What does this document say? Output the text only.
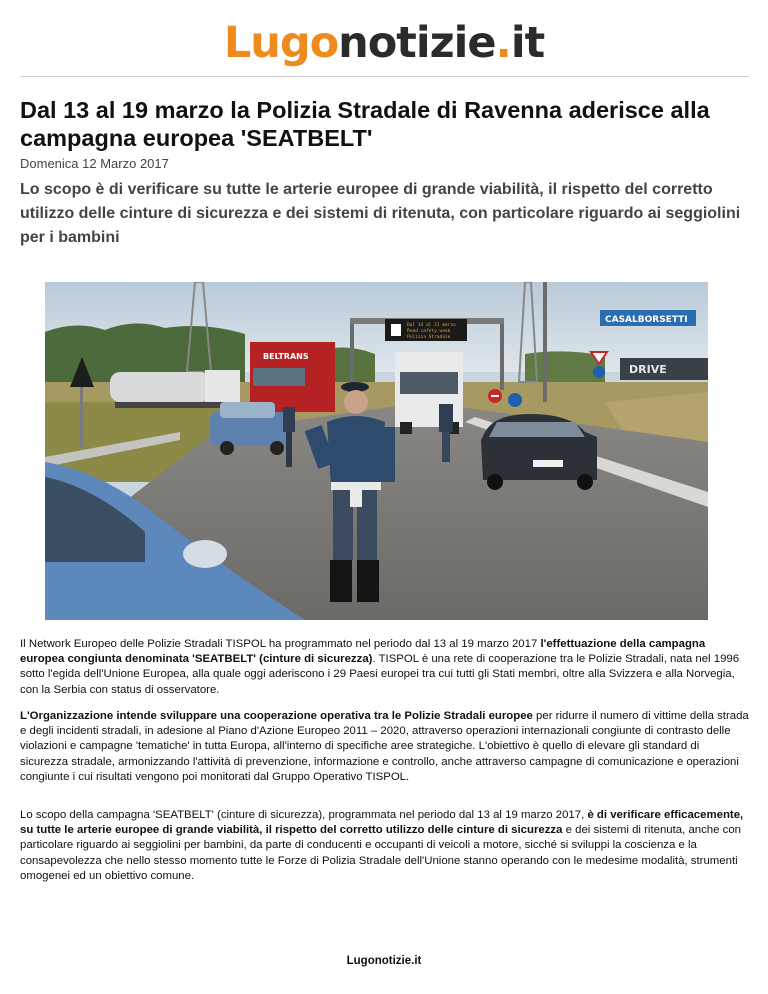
Lugonotizie.it
Dal 13 al 19 marzo la Polizia Stradale di Ravenna aderisce alla campagna europea 'SEATBELT'
Domenica 12 Marzo 2017
Lo scopo è di verificare su tutte le arterie europee di grande viabilità, il rispetto del corretto utilizzo delle cinture di sicurezza e dei sistemi di ritenuta, con particolare riguardo ai seggiolini per i bambini
Dal 14 al 21 marzo
Road safety week
Polizia Stradale
CASALBORSETTI
DRIVE
BELTRANS

Il Network Europeo delle Polizie Stradali TISPOL ha programmato nel periodo dal 13 al 19 marzo 2017 l'effettuazione della campagna europea congiunta denominata 'SEATBELT' (cinture di sicurezza). TISPOL è una rete di cooperazione tra le Polizie Stradali, nata nel 1996 sotto l'egida dell'Unione Europea, alla quale oggi aderiscono i 29 Paesi europei tra cui tutti gli Stati membri, oltre alla Svizzera e alla Norvegia, con la Serbia con status di osservatore.

L'Organizzazione intende sviluppare una cooperazione operativa tra le Polizie Stradali europee per ridurre il numero di vittime della strada e degli incidenti stradali, in adesione al Piano d'Azione Europeo 2011 – 2020, attraverso operazioni internazionali congiunte di contrasto delle violazioni e campagne 'tematiche' in tutta Europa, all'interno di specifiche aree strategiche. L'obiettivo è quello di elevare gli standard di sicurezza stradale, armonizzando l'attività di prevenzione, informazione e controllo, anche attraverso campagne di comunicazione e operazioni congiunte i cui risultati vengono poi monitorati dal Gruppo Operativo TISPOL.

Lo scopo della campagna 'SEATBELT' (cinture di sicurezza), programmata nel periodo dal 13 al 19 marzo 2017, è di verificare efficacemente, su tutte le arterie europee di grande viabilità, il rispetto del corretto utilizzo delle cinture di sicurezza e dei sistemi di ritenuta, anche con particolare riguardo ai seggiolini per bambini, da parte di conducenti e occupanti di veicoli a motore, sicché si sviluppi la coscienza e la consapevolezza che nello stesso momento tutte le Forze di Polizia Stradale dell'Unione stanno operando con le medesime modalità, strumenti omogenei ed un obiettivo comune.

Lugonotizie.it
